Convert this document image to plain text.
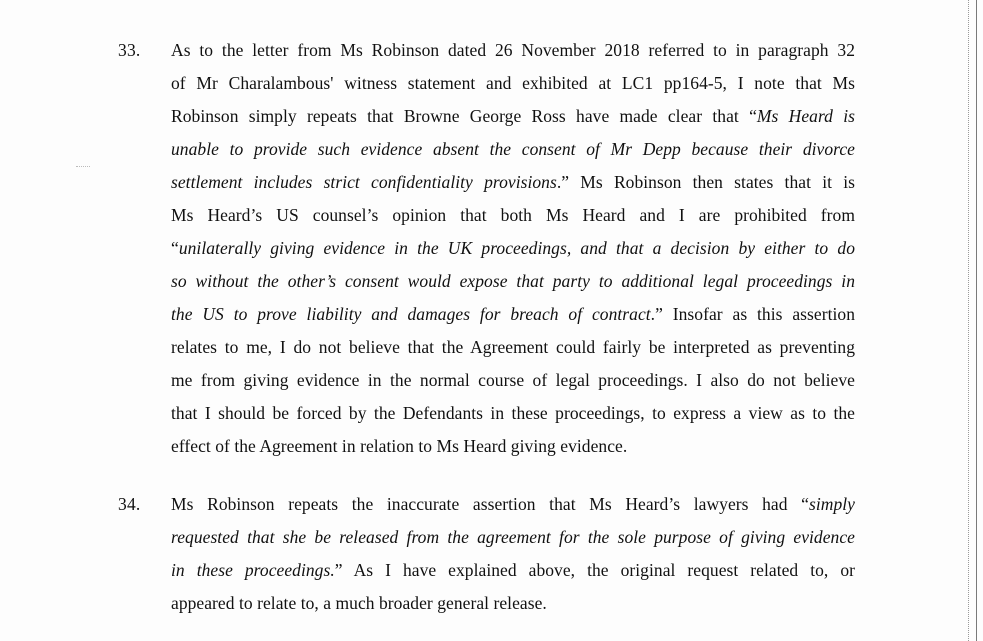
33. As to the letter from Ms Robinson dated 26 November 2018 referred to in paragraph 32
of Mr Charalambous' witness statement and exhibited at LC1 pp164-5, I note that Ms
Robinson simply repeats that Browne George Ross have made clear that “Ms Heard is
unable to provide such evidence absent the consent of Mr Depp because their divorce
settlement includes strict confidentiality provisions.” Ms Robinson then states that it is
Ms Heard’s US counsel’s opinion that both Ms Heard and I are prohibited from
“unilaterally giving evidence in the UK proceedings, and that a decision by either to do
so without the other’s consent would expose that party to additional legal proceedings in
the US to prove liability and damages for breach of contract.” Insofar as this assertion
relates to me, I do not believe that the Agreement could fairly be interpreted as preventing
me from giving evidence in the normal course of legal proceedings. I also do not believe
that I should be forced by the Defendants in these proceedings, to express a view as to the
effect of the Agreement in relation to Ms Heard giving evidence.
34. Ms Robinson repeats the inaccurate assertion that Ms Heard’s lawyers had “simply
requested that she be released from the agreement for the sole purpose of giving evidence
in these proceedings.” As I have explained above, the original request related to, or
appeared to relate to, a much broader general release.
